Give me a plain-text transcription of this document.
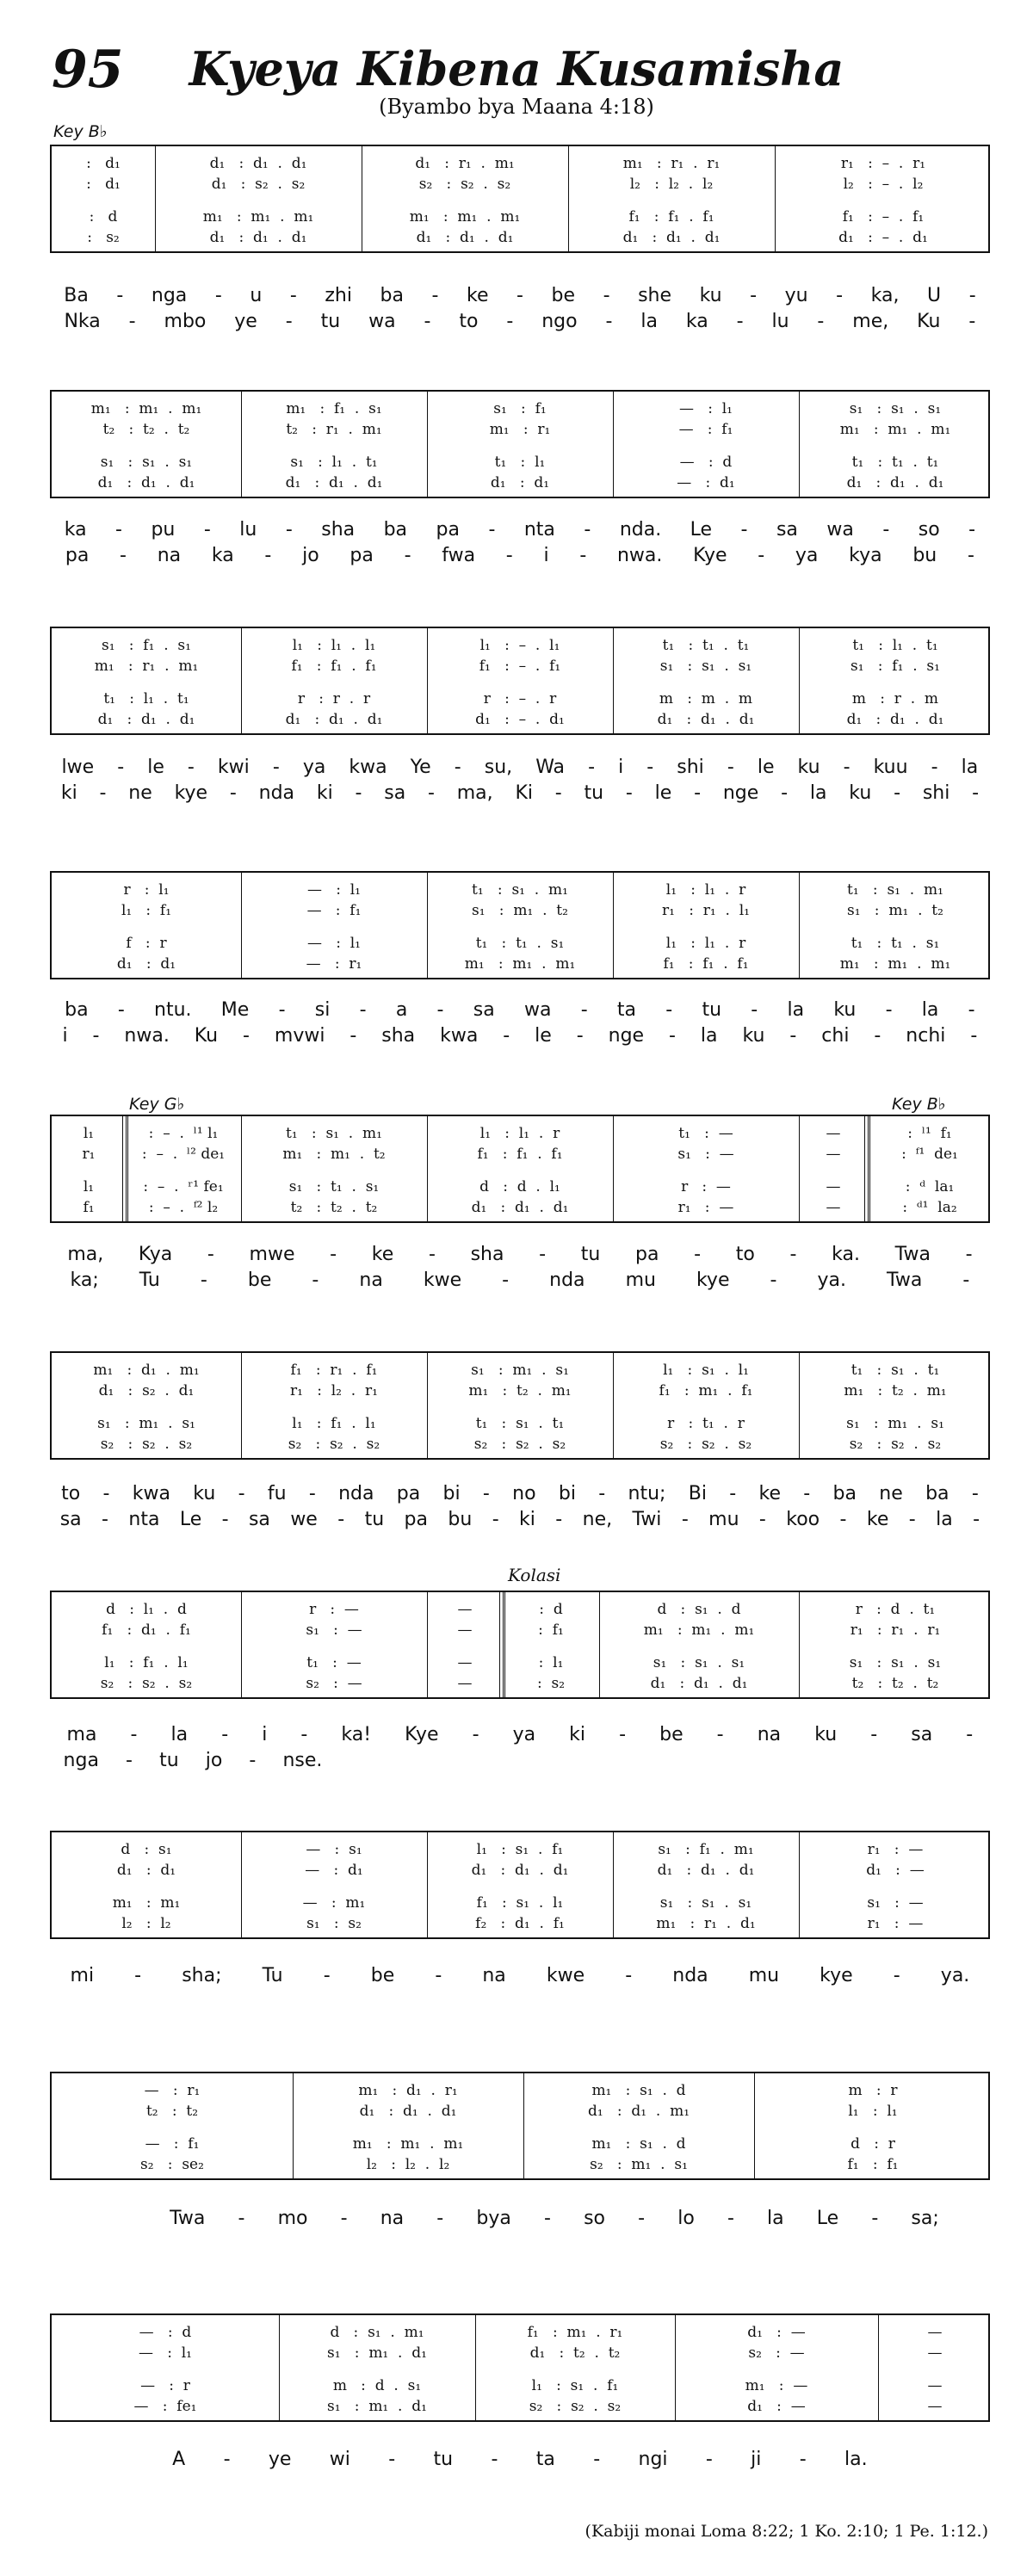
95	Kyeya Kibena Kusamisha
(Byambo bya Maana 4:18)
Key B♭
Key G♭	Key B♭
Kolasi
:   d₁	d₁   :  d₁  .  d₁	d₁   :  r₁  .  m₁	m₁   :  r₁  .  r₁	r₁   :  –  .  r₁
:   d₁	d₁   :  s₂  .  s₂	s₂   :  s₂  .  s₂	l₂   :  l₂  .  l₂	l₂   :  –  .  l₂
:   d	m₁   :  m₁  .  m₁	m₁   :  m₁  .  m₁	f₁   :  f₁  .  f₁	f₁   :  –  .  f₁
:   s₂	d₁   :  d₁  .  d₁	d₁   :  d₁  .  d₁	d₁   :  d₁  .  d₁	d₁   :  –  .  d₁
Ba - nga - u - zhi ba - ke - be - she ku - yu - ka, U -
Nka - mbo ye - tu wa - to - ngo - la ka - lu - me, Ku -
m₁   :  m₁  .  m₁	m₁   :  f₁  .  s₁	s₁   :  f₁	—   :  l₁	s₁   :  s₁  .  s₁
t₂   :  t₂  .  t₂	t₂   :  r₁  .  m₁	m₁   :  r₁	—   :  f₁	m₁   :  m₁  .  m₁
s₁   :  s₁  .  s₁	s₁   :  l₁  .  t₁	t₁   :  l₁	—   :  d	t₁   :  t₁  .  t₁
d₁   :  d₁  .  d₁	d₁   :  d₁  .  d₁	d₁   :  d₁	—   :  d₁	d₁   :  d₁  .  d₁
ka - pu - lu - sha ba pa - nta - nda. Le - sa wa - so -
pa - na ka - jo pa - fwa - i - nwa. Kye - ya kya bu -
s₁   :  f₁  .  s₁	l₁   :  l₁  .  l₁	l₁   :  –  .  l₁	t₁   :  t₁  .  t₁	t₁   :  l₁  .  t₁
m₁   :  r₁  .  m₁	f₁   :  f₁  .  f₁	f₁   :  –  .  f₁	s₁   :  s₁  .  s₁	s₁   :  f₁  .  s₁
t₁   :  l₁  .  t₁	r   :  r  .  r	r   :  –  .  r	m   :  m  .  m	m   :  r  .  m
d₁   :  d₁  .  d₁	d₁   :  d₁  .  d₁	d₁   :  –  .  d₁	d₁   :  d₁  .  d₁	d₁   :  d₁  .  d₁
lwe - le - kwi - ya kwa Ye - su, Wa - i - shi - le ku - kuu - la
ki - ne kye - nda ki - sa - ma, Ki - tu - le - nge - la ku - shi -
r   :  l₁	—   :  l₁	t₁   :  s₁  .  m₁	l₁   :  l₁  .  r	t₁   :  s₁  .  m₁
l₁   :  f₁	—   :  f₁	s₁   :  m₁  .  t₂	r₁   :  r₁  .  l₁	s₁   :  m₁  .  t₂
f   :  r	—   :  l₁	t₁   :  t₁  .  s₁	l₁   :  l₁  .  r	t₁   :  t₁  .  s₁
d₁   :  d₁	—   :  r₁	m₁   :  m₁  .  m₁	f₁   :  f₁  .  f₁	m₁   :  m₁  .  m₁
ba - ntu. Me - si - a - sa wa - ta - tu - la ku - la -
i - nwa. Ku - mvwi - sha kwa - le - nge - la ku - chi - nchi -
l₁	:  –  .  ˡ¹ l₁	t₁   :  s₁  .  m₁	l₁   :  l₁  .  r	t₁   :  —	—	:  ˡ¹  f₁
r₁	:  –  .  ˡ² de₁	m₁   :  m₁  .  t₂	f₁   :  f₁  .  f₁	s₁   :  —	—	:  ᶠ¹  de₁
l₁	:  –  .  ʳ¹ fe₁	s₁   :  t₁  .  s₁	d   :  d  .  l₁	r   :  —	—	:  ᵈ  la₁
f₁	:  –  .  ᶠ² l₂	t₂   :  t₂  .  t₂	d₁   :  d₁  .  d₁	r₁   :  —	—	:  ᵈ¹  la₂
ma, Kya - mwe - ke - sha - tu pa - to - ka. Twa -
ka; Tu - be - na kwe - nda mu kye - ya. Twa -
m₁   :  d₁  .  m₁	f₁   :  r₁  .  f₁	s₁   :  m₁  .  s₁	l₁   :  s₁  .  l₁	t₁   :  s₁  .  t₁
d₁   :  s₂  .  d₁	r₁   :  l₂  .  r₁	m₁   :  t₂  .  m₁	f₁   :  m₁  .  f₁	m₁   :  t₂  .  m₁
s₁   :  m₁  .  s₁	l₁   :  f₁  .  l₁	t₁   :  s₁  .  t₁	r   :  t₁  .  r	s₁   :  m₁  .  s₁
s₂   :  s₂  .  s₂	s₂   :  s₂  .  s₂	s₂   :  s₂  .  s₂	s₂   :  s₂  .  s₂	s₂   :  s₂  .  s₂
to - kwa ku - fu - nda pa bi - no bi - ntu; Bi - ke - ba ne ba -
sa - nta Le - sa we - tu pa bu - ki - ne, Twi - mu - koo - ke - la -
d   :  l₁  .  d	r   :  —	—	:  d	d   :  s₁  .  d	r   :  d  .  t₁
f₁   :  d₁  .  f₁	s₁   :  —	—	:  f₁	m₁   :  m₁  .  m₁	r₁   :  r₁  .  r₁
l₁   :  f₁  .  l₁	t₁   :  —	—	:  l₁	s₁   :  s₁  .  s₁	s₁   :  s₁  .  s₁
s₂   :  s₂  .  s₂	s₂   :  —	—	:  s₂	d₁   :  d₁  .  d₁	t₂   :  t₂  .  t₂
ma - la - i - ka! Kye - ya ki - be - na ku - sa -
nga - tu jo - nse.
d   :  s₁	—   :  s₁	l₁   :  s₁  .  f₁	s₁   :  f₁  .  m₁	r₁   :  —
d₁   :  d₁	—   :  d₁	d₁   :  d₁  .  d₁	d₁   :  d₁  .  d₁	d₁   :  —
m₁   :  m₁	—   :  m₁	f₁   :  s₁  .  l₁	s₁   :  s₁  .  s₁	s₁   :  —
l₂   :  l₂	s₁   :  s₂	f₂   :  d₁  .  f₁	m₁   :  r₁  .  d₁	r₁   :  —
mi - sha; Tu - be - na kwe - nda mu kye - ya.
—   :  r₁	m₁   :  d₁  .  r₁	m₁   :  s₁  .  d	m   :  r
t₂   :  t₂	d₁   :  d₁  .  d₁	d₁   :  d₁  .  m₁	l₁   :  l₁
—   :  f₁	m₁   :  m₁  .  m₁	m₁   :  s₁  .  d	d   :  r
s₂   :  se₂	l₂   :  l₂  .  l₂	s₂   :  m₁  .  s₁	f₁   :  f₁
Twa - mo - na - bya - so - lo - la Le - sa;
—   :  d	d   :  s₁  .  m₁	f₁   :  m₁  .  r₁	d₁   :  —	—
—   :  l₁	s₁   :  m₁  .  d₁	d₁   :  t₂  .  t₂	s₂   :  —	—
—   :  r	m   :  d  .  s₁	l₁   :  s₁  .  f₁	m₁   :  —	—
—   :  fe₁	s₁   :  m₁  .  d₁	s₂   :  s₂  .  s₂	d₁   :  —	—
A - ye wi - tu - ta - ngi - ji - la.
(Kabiji monai Loma 8:22; 1 Ko. 2:10; 1 Pe. 1:12.)
